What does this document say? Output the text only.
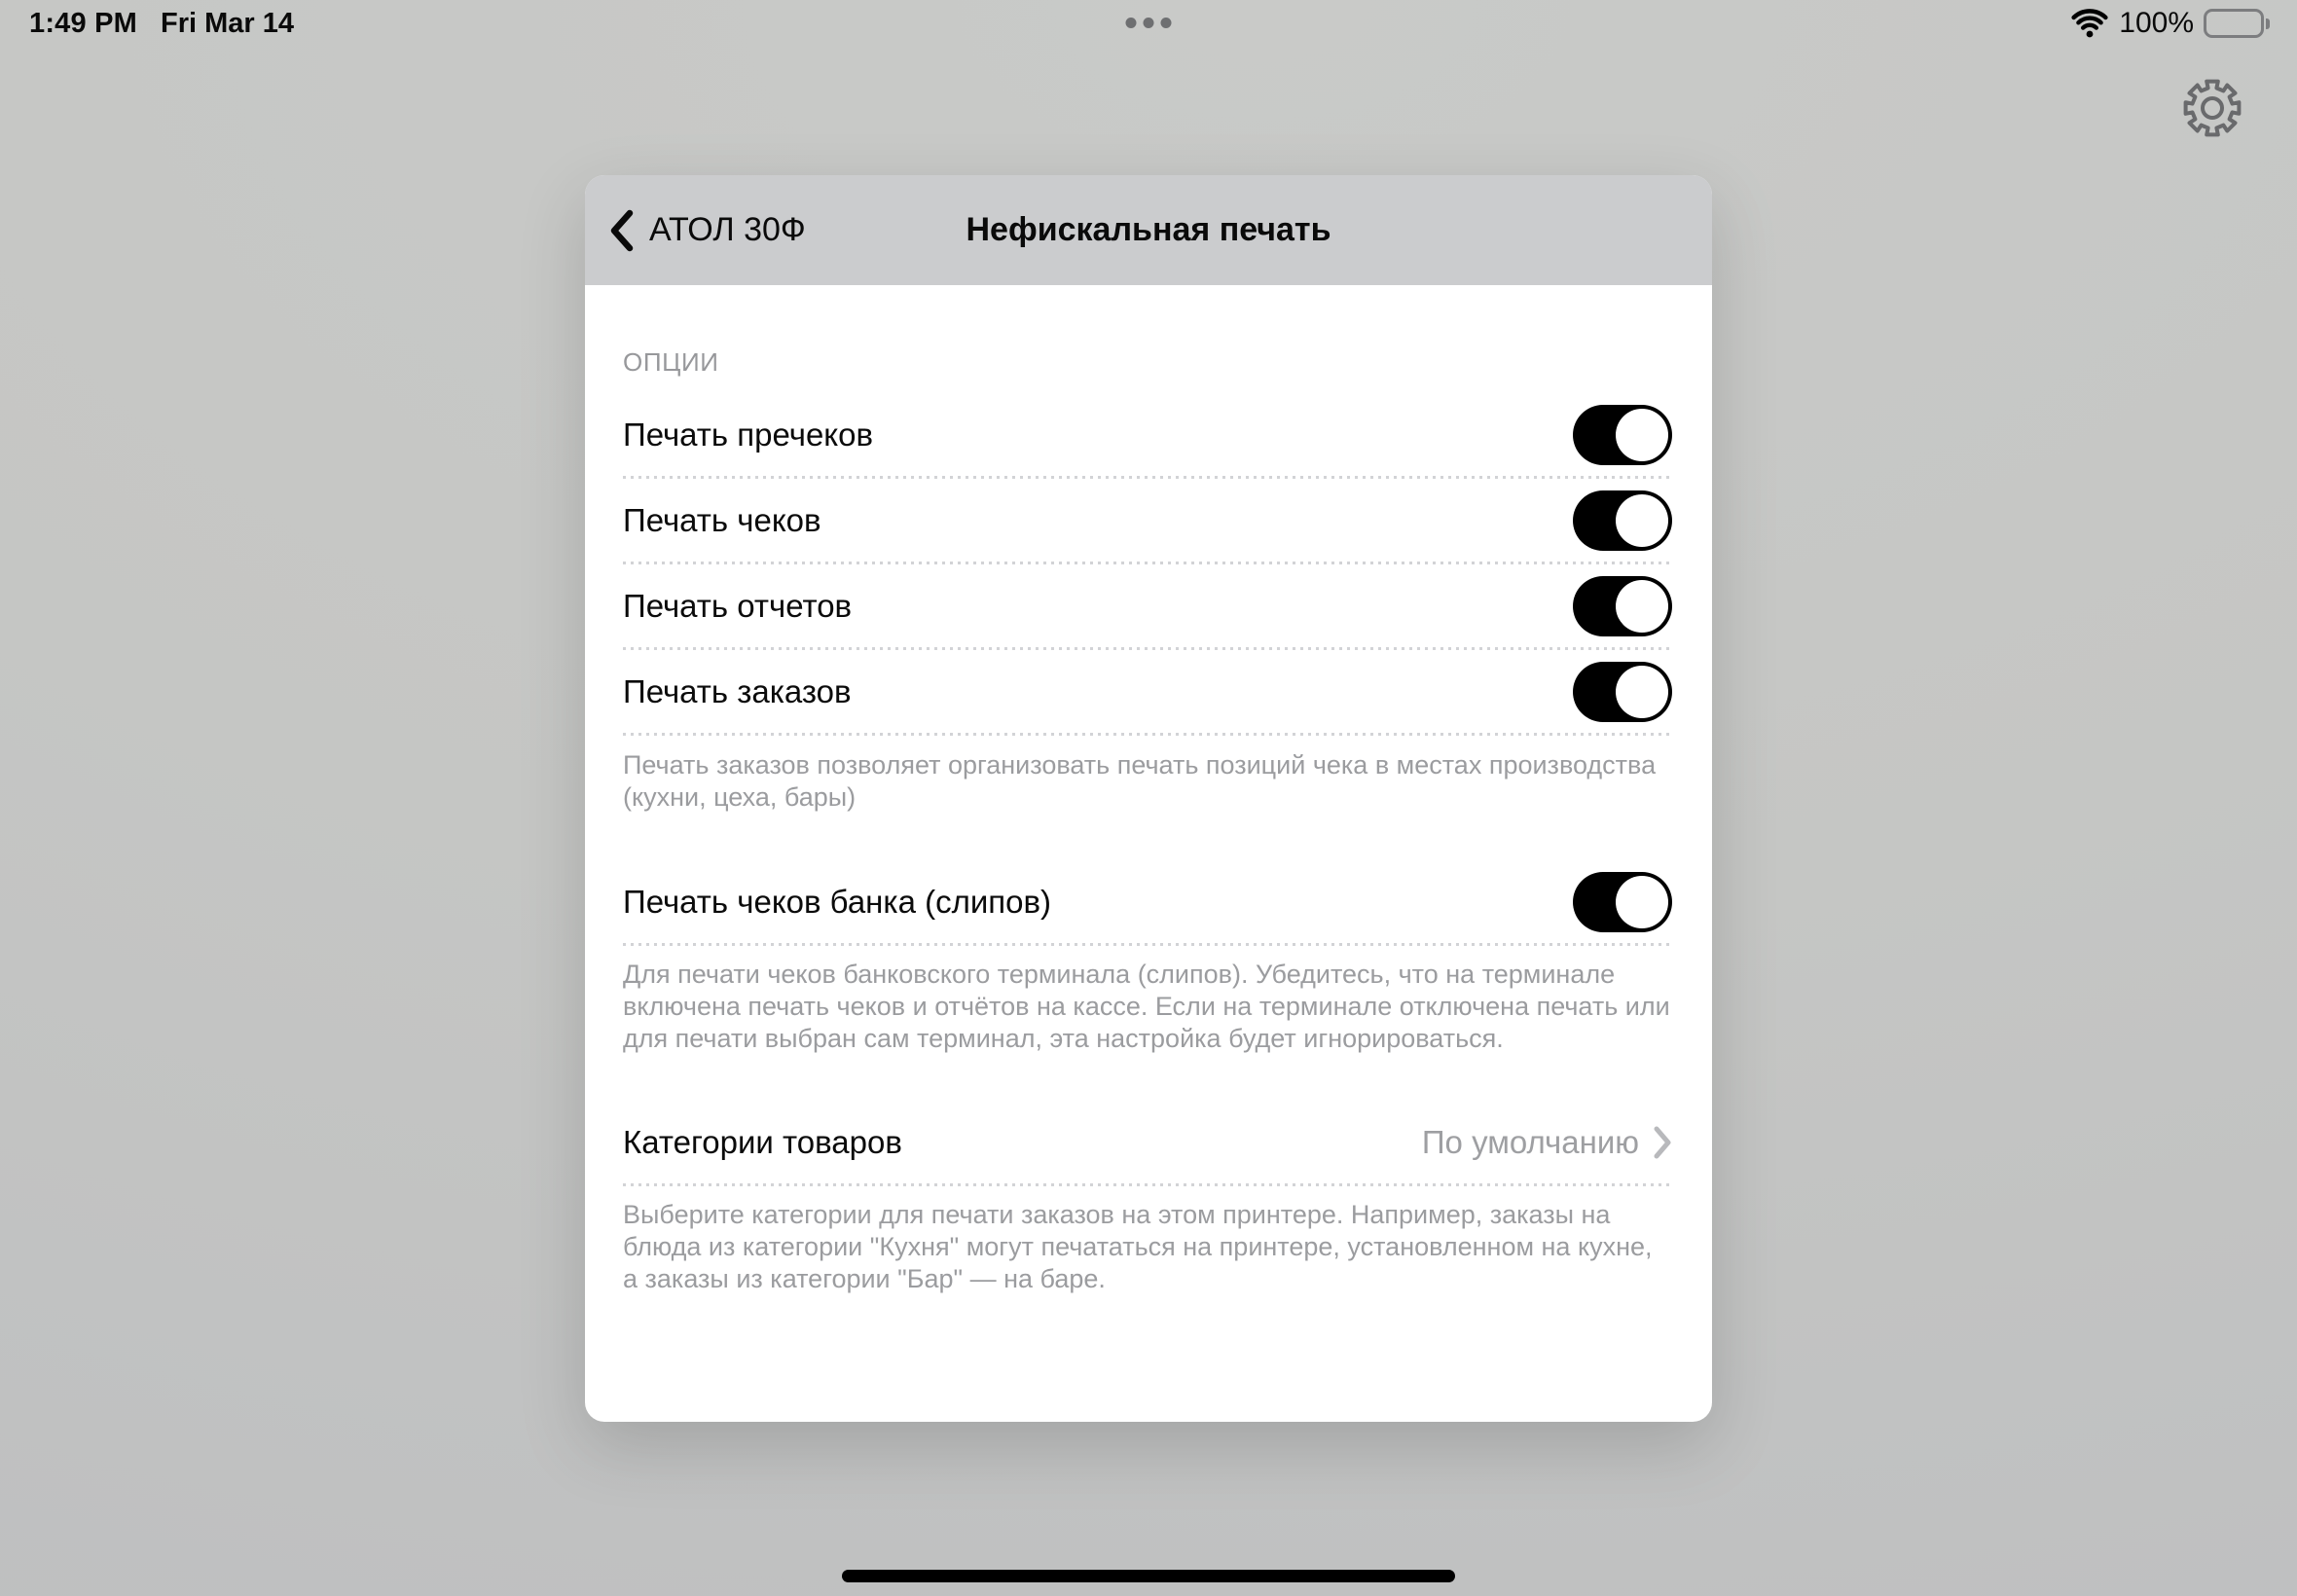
1:49 PM Fri Mar 14	100%
АТОЛ 30Ф	Нефискальная печать
ОПЦИИ
Печать пречеков
Печать чеков
Печать отчетов
Печать заказов
Печать заказов позволяет организовать печать позиций чека в местах производства (кухни, цеха, бары)
Печать чеков банка (слипов)
Для печати чеков банковского терминала (слипов). Убедитесь, что на терминале включена печать чеков и отчётов на кассе. Если на терминале отключена печать или для печати выбран сам терминал, эта настройка будет игнорироваться.
Категории товаров	По умолчанию
Выберите категории для печати заказов на этом принтере. Например, заказы на блюда из категории "Кухня" могут печататься на принтере, установленном на кухне, а заказы из категории "Бар" — на баре.
